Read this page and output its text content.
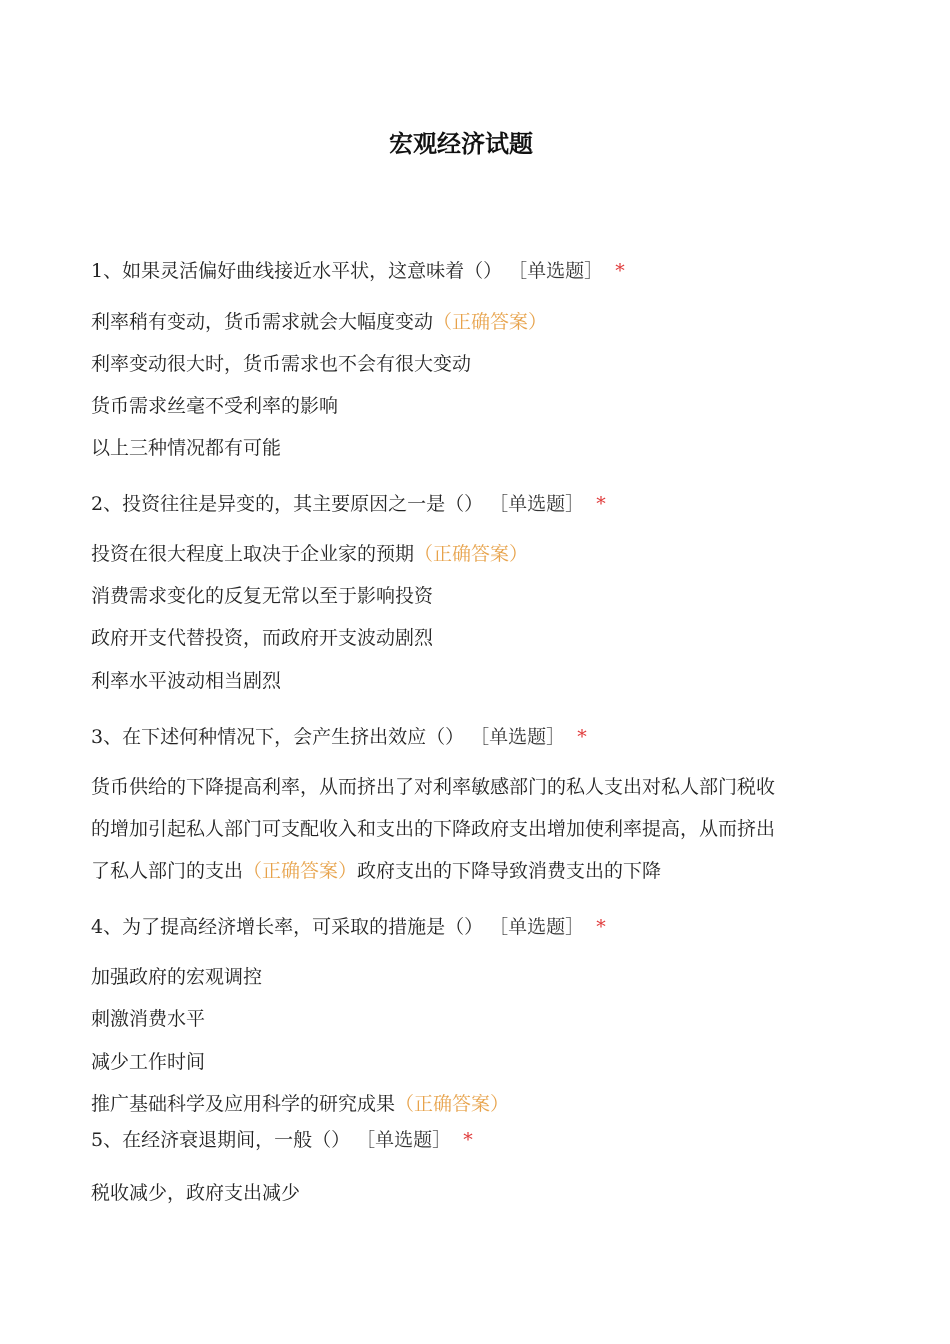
宏观经济试题
1、如果灵活偏好曲线接近水平状，这意味着（） ［单选题］ *
利率稍有变动，货币需求就会大幅度变动（正确答案）
利率变动很大时，货币需求也不会有很大变动
货币需求丝毫不受利率的影响
以上三种情况都有可能
2、投资往往是异变的，其主要原因之一是（） ［单选题］ *
投资在很大程度上取决于企业家的预期（正确答案）
消费需求变化的反复无常以至于影响投资
政府开支代替投资，而政府开支波动剧烈
利率水平波动相当剧烈
3、在下述何种情况下，会产生挤出效应（） ［单选题］ *
货币供给的下降提高利率，从而挤出了对利率敏感部门的私人支出对私人部门税收
的增加引起私人部门可支配收入和支出的下降政府支出增加使利率提高，从而挤出
了私人部门的支出（正确答案）政府支出的下降导致消费支出的下降
4、为了提高经济增长率，可采取的措施是（） ［单选题］ *
加强政府的宏观调控
刺激消费水平
减少工作时间
推广基础科学及应用科学的研究成果（正确答案）
5、在经济衰退期间，一般（） ［单选题］ *
税收减少，政府支出减少
